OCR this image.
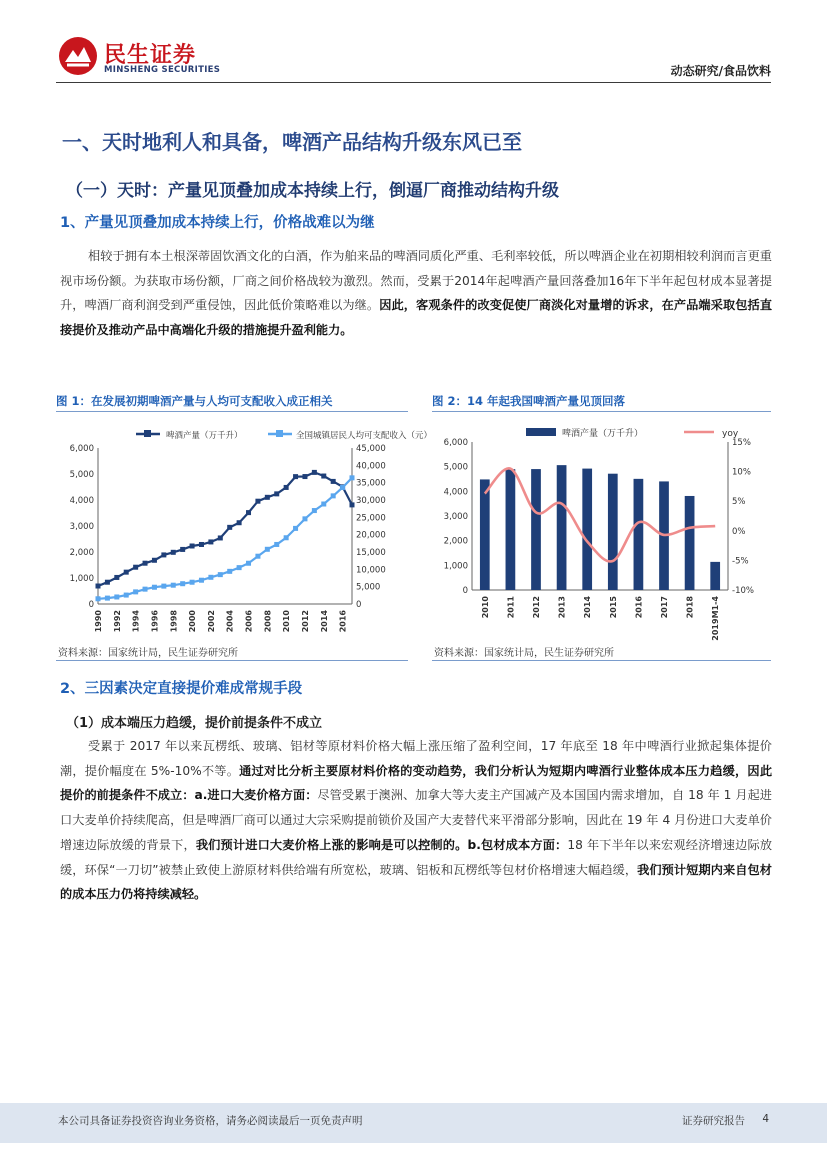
民生证券
MINSHENG SECURITIES	动态研究/食品饮料
一、天时地利人和具备，啤酒产品结构升级东风已至
（一）天时：产量见顶叠加成本持续上行，倒逼厂商推动结构升级
1、产量见顶叠加成本持续上行，价格战难以为继
相较于拥有本土根深蒂固饮酒文化的白酒，作为舶来品的啤酒同质化严重、毛利率较低，所以啤酒企业在初期相较利润而言更重视市场份额。为获取市场份额，厂商之间价格战较为激烈。然而，受累于2014年起啤酒产量回落叠加16年下半年起包材成本显著提升，啤酒厂商利润受到严重侵蚀，因此低价策略难以为继。因此，客观条件的改变促使厂商淡化对量增的诉求，在产品端采取包括直接提价及推动产品中高端化升级的措施提升盈利能力。
图 1：在发展初期啤酒产量与人均可支配收入成正相关	图 2：14 年起我国啤酒产量见顶回落
啤酒产量（万千升）	全国城镇居民人均可支配收入（元）
0
1,000
2,000
3,000
4,000
5,000
6,000
0
5,000
10,000
15,000
20,000
25,000
30,000
35,000
40,000
45,000
1990 1992 1994 1996 1998 2000 2002 2004 2006 2008 2010 2012 2014 2016
啤酒产量（万千升）	yoy
0
1,000
2,000
3,000
4,000
5,000
6,000
-10%
-5%
0%
5%
10%
15%
2010 2011 2012 2013 2014 2015 2016 2017 2018 2019M1-4
资料来源：国家统计局，民生证券研究所	资料来源：国家统计局，民生证券研究所
2、三因素决定直接提价难成常规手段
（1）成本端压力趋缓，提价前提条件不成立
受累于 2017 年以来瓦楞纸、玻璃、铝材等原材料价格大幅上涨压缩了盈利空间，17 年底至 18 年中啤酒行业掀起集体提价潮，提价幅度在 5%-10%不等。通过对比分析主要原材料价格的变动趋势，我们分析认为短期内啤酒行业整体成本压力趋缓，因此提价的前提条件不成立：a.进口大麦价格方面：尽管受累于澳洲、加拿大等大麦主产国减产及本国国内需求增加，自 18 年 1 月起进口大麦单价持续爬高，但是啤酒厂商可以通过大宗采购提前锁价及国产大麦替代来平滑部分影响，因此在 19 年 4 月份进口大麦单价增速边际放缓的背景下，我们预计进口大麦价格上涨的影响是可以控制的。b.包材成本方面：18 年下半年以来宏观经济增速边际放缓，环保“一刀切”被禁止致使上游原材料供给端有所宽松，玻璃、铝板和瓦楞纸等包材价格增速大幅趋缓，我们预计短期内来自包材的成本压力仍将持续减轻。
本公司具备证券投资咨询业务资格，请务必阅读最后一页免责声明	证券研究报告 4
